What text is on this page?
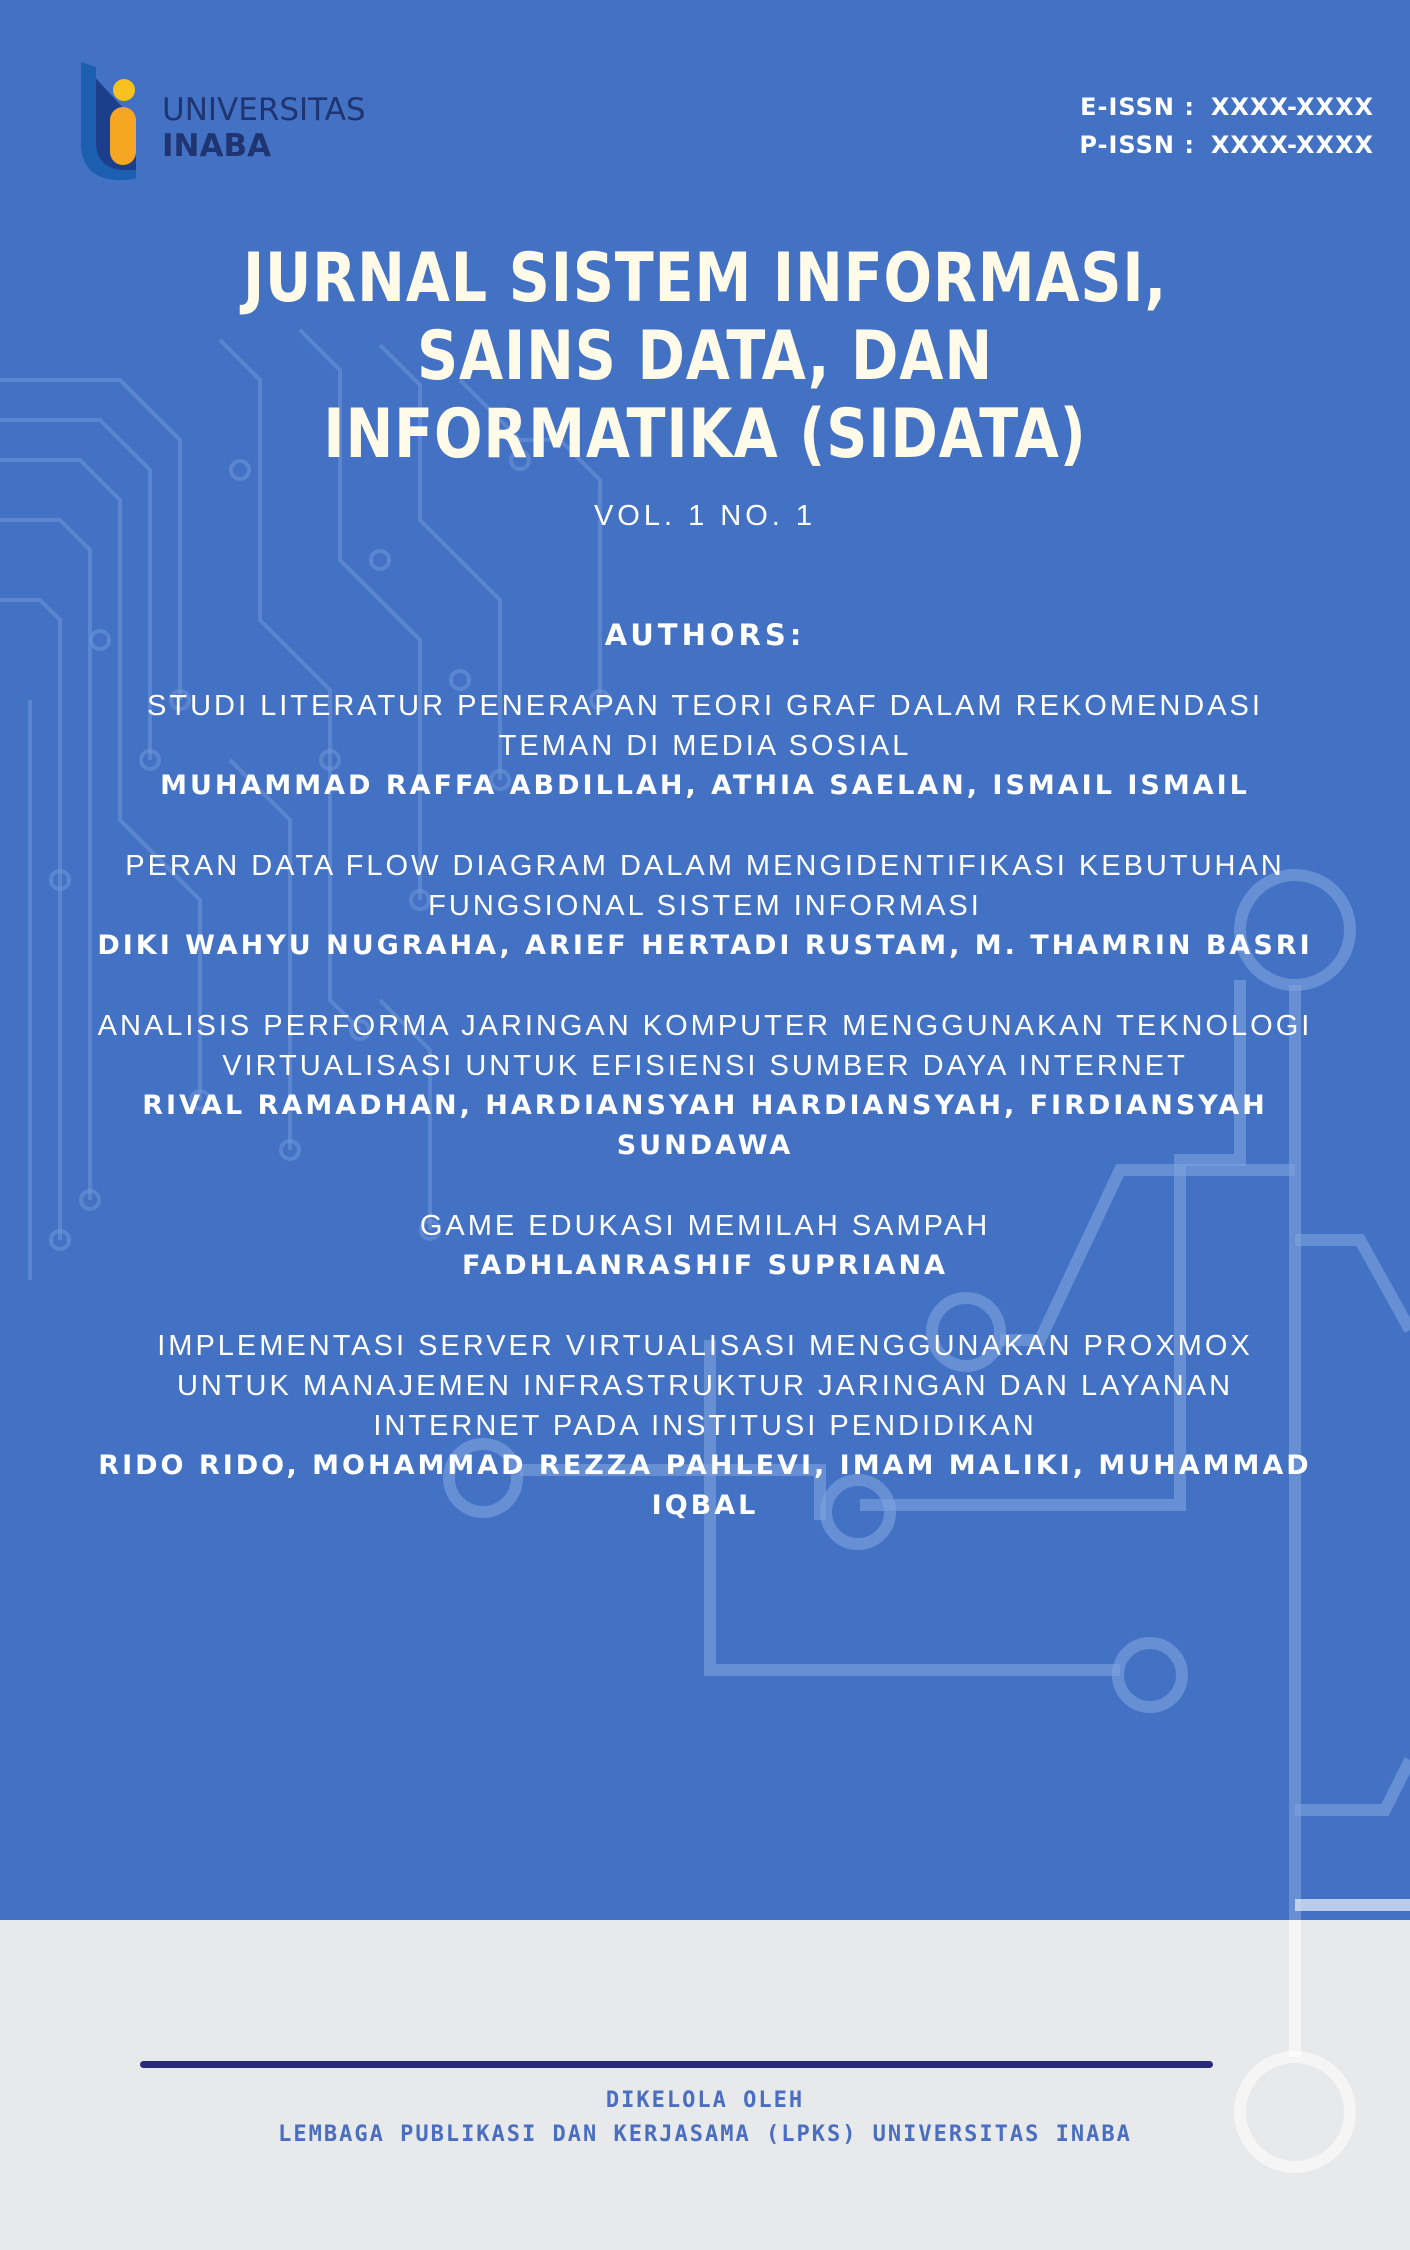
UNIVERSITAS
INABA
E-ISSN : XXXX-XXXX
P-ISSN : XXXX-XXXX
JURNAL SISTEM INFORMASI, SAINS DATA, DAN INFORMATIKA (SIDATA)
VOL. 1 NO. 1
AUTHORS:
STUDI LITERATUR PENERAPAN TEORI GRAF DALAM REKOMENDASI TEMAN DI MEDIA SOSIAL
MUHAMMAD RAFFA ABDILLAH, ATHIA SAELAN, ISMAIL ISMAIL
PERAN DATA FLOW DIAGRAM DALAM MENGIDENTIFIKASI KEBUTUHAN FUNGSIONAL SISTEM INFORMASI
DIKI WAHYU NUGRAHA, ARIEF HERTADI RUSTAM, M. THAMRIN BASRI
ANALISIS PERFORMA JARINGAN KOMPUTER MENGGUNAKAN TEKNOLOGI VIRTUALISASI UNTUK EFISIENSI SUMBER DAYA INTERNET
RIVAL RAMADHAN, HARDIANSYAH HARDIANSYAH, FIRDIANSYAH SUNDAWA
GAME EDUKASI MEMILAH SAMPAH
FADHLANRASHIF SUPRIANA
IMPLEMENTASI SERVER VIRTUALISASI MENGGUNAKAN PROXMOX UNTUK MANAJEMEN INFRASTRUKTUR JARINGAN DAN LAYANAN INTERNET PADA INSTITUSI PENDIDIKAN
RIDO RIDO, MOHAMMAD REZZA PAHLEVI, IMAM MALIKI, MUHAMMAD IQBAL
DIKELOLA OLEH
LEMBAGA PUBLIKASI DAN KERJASAMA (LPKS) UNIVERSITAS INABA
